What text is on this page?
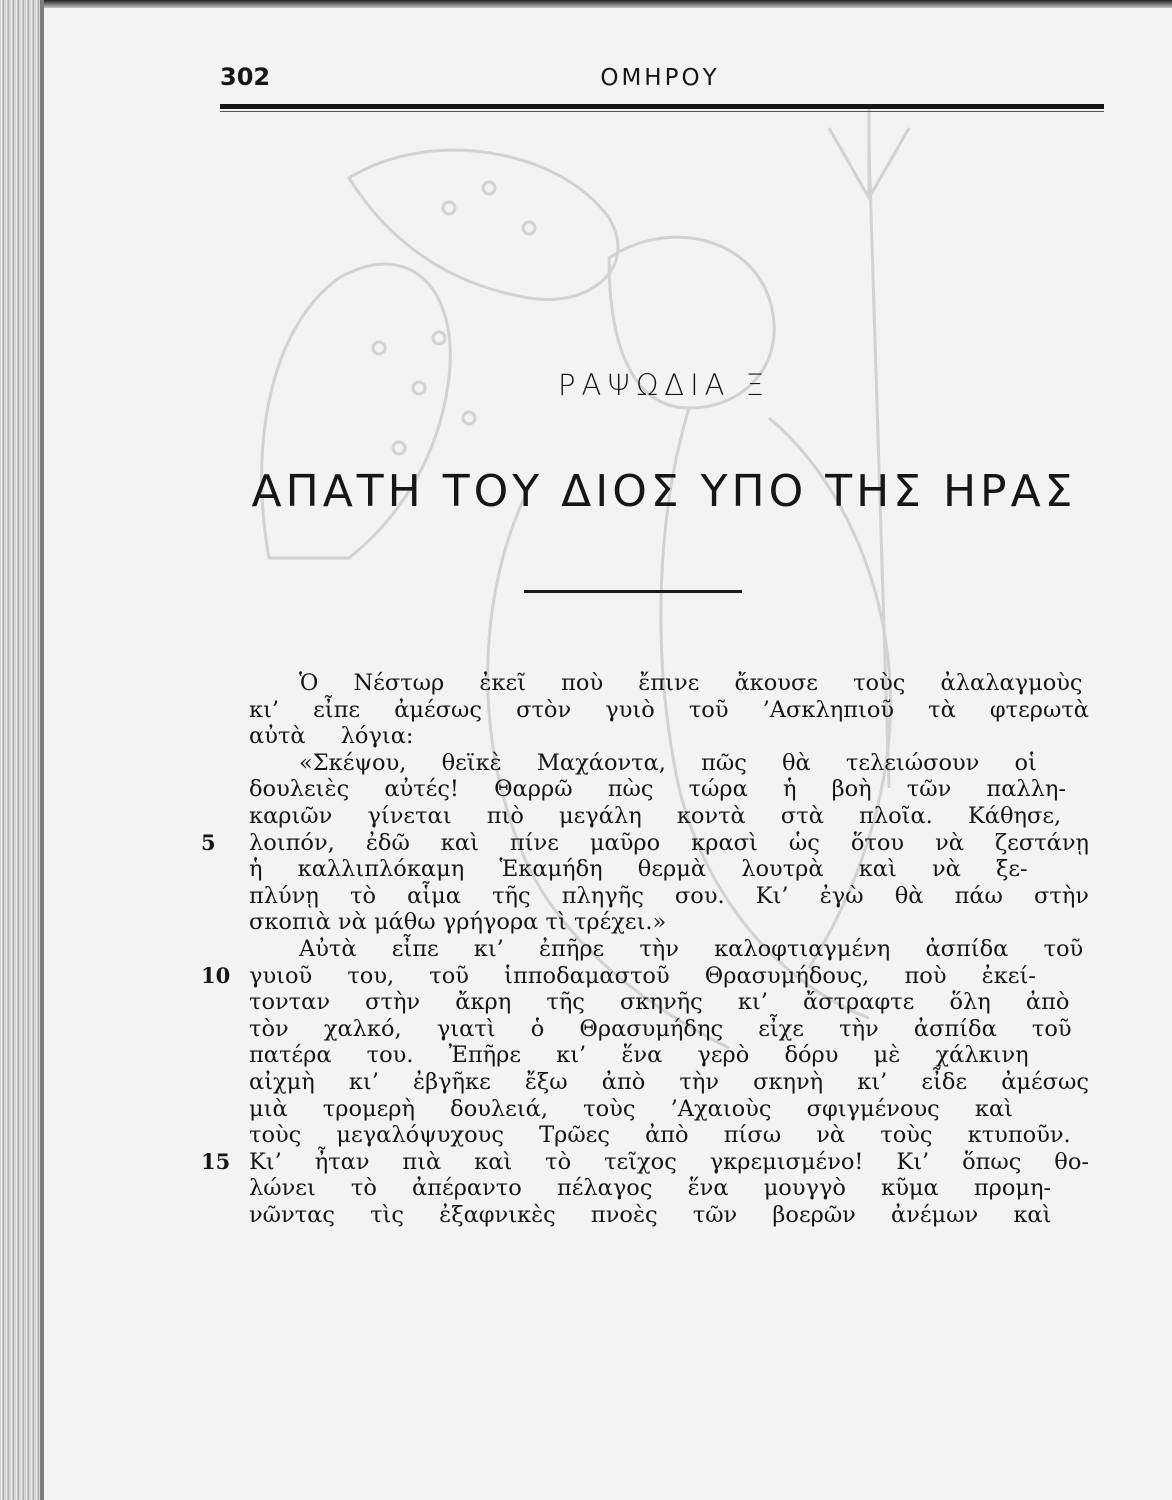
302	ΟΜΗΡΟΥ
ΡΑΨΩΔΙΑ Ξ
ΑΠΑΤΗ ΤΟΥ ΔΙΟΣ ΥΠΟ ΤΗΣ ΗΡΑΣ
Ὁ Νέστωρ ἐκεῖ ποὺ ἔπινε ἄκουσε τοὺς ἀλαλαγμοὺς
κι’ εἶπε ἀμέσως στὸν γυιὸ τοῦ ’Ασκληπιοῦ τὰ φτερωτὰ
αὐτὰ λόγια:
«Σκέψου, θεϊκὲ Μαχάοντα, πῶς θὰ τελειώσουν οἱ
δουλειὲς αὐτές! Θαρρῶ πὼς τώρα ἡ βοὴ τῶν παλλη-
καριῶν γίνεται πιὸ μεγάλη κοντὰ στὰ πλοῖα. Κάθησε,
5 λοιπόν, ἐδῶ καὶ πίνε μαῦρο κρασὶ ὡς ὅτου νὰ ζεστάνῃ
ἡ καλλιπλόκαμη Ἑκαμήδη θερμὰ λουτρὰ καὶ νὰ ξε-
πλύνῃ τὸ αἷμα τῆς πληγῆς σου. Κι’ ἐγὼ θὰ πάω στὴν
σκοπιὰ νὰ μάθω γρήγορα τὶ τρέχει.»
Αὐτὰ εἶπε κι’ ἐπῆρε τὴν καλοφτιαγμένη ἀσπίδα τοῦ
10 γυιοῦ του, τοῦ ἱπποδαμαστοῦ Θρασυμήδους, ποὺ ἐκεί-
τονταν στὴν ἄκρη τῆς σκηνῆς κι’ ἄστραφτε ὅλη ἀπὸ
τὸν χαλκό, γιατὶ ὁ Θρασυμήδης εἶχε τὴν ἀσπίδα τοῦ
πατέρα του. Ἐπῆρε κι’ ἕνα γερὸ δόρυ μὲ χάλκινη
αἰχμὴ κι’ ἐβγῆκε ἔξω ἀπὸ τὴν σκηνὴ κι’ εἶδε ἀμέσως
μιὰ τρομερὴ δουλειά, τοὺς ’Αχαιοὺς σφιγμένους καὶ
τοὺς μεγαλόψυχους Τρῶες ἀπὸ πίσω νὰ τοὺς κτυποῦν.
15 Κι’ ἦταν πιὰ καὶ τὸ τεῖχος γκρεμισμένο! Κι’ ὅπως θο-
λώνει τὸ ἀπέραντο πέλαγος ἕνα μουγγὸ κῦμα προμη-
νῶντας τὶς ἐξαφνικὲς πνοὲς τῶν βοερῶν ἀνέμων καὶ
